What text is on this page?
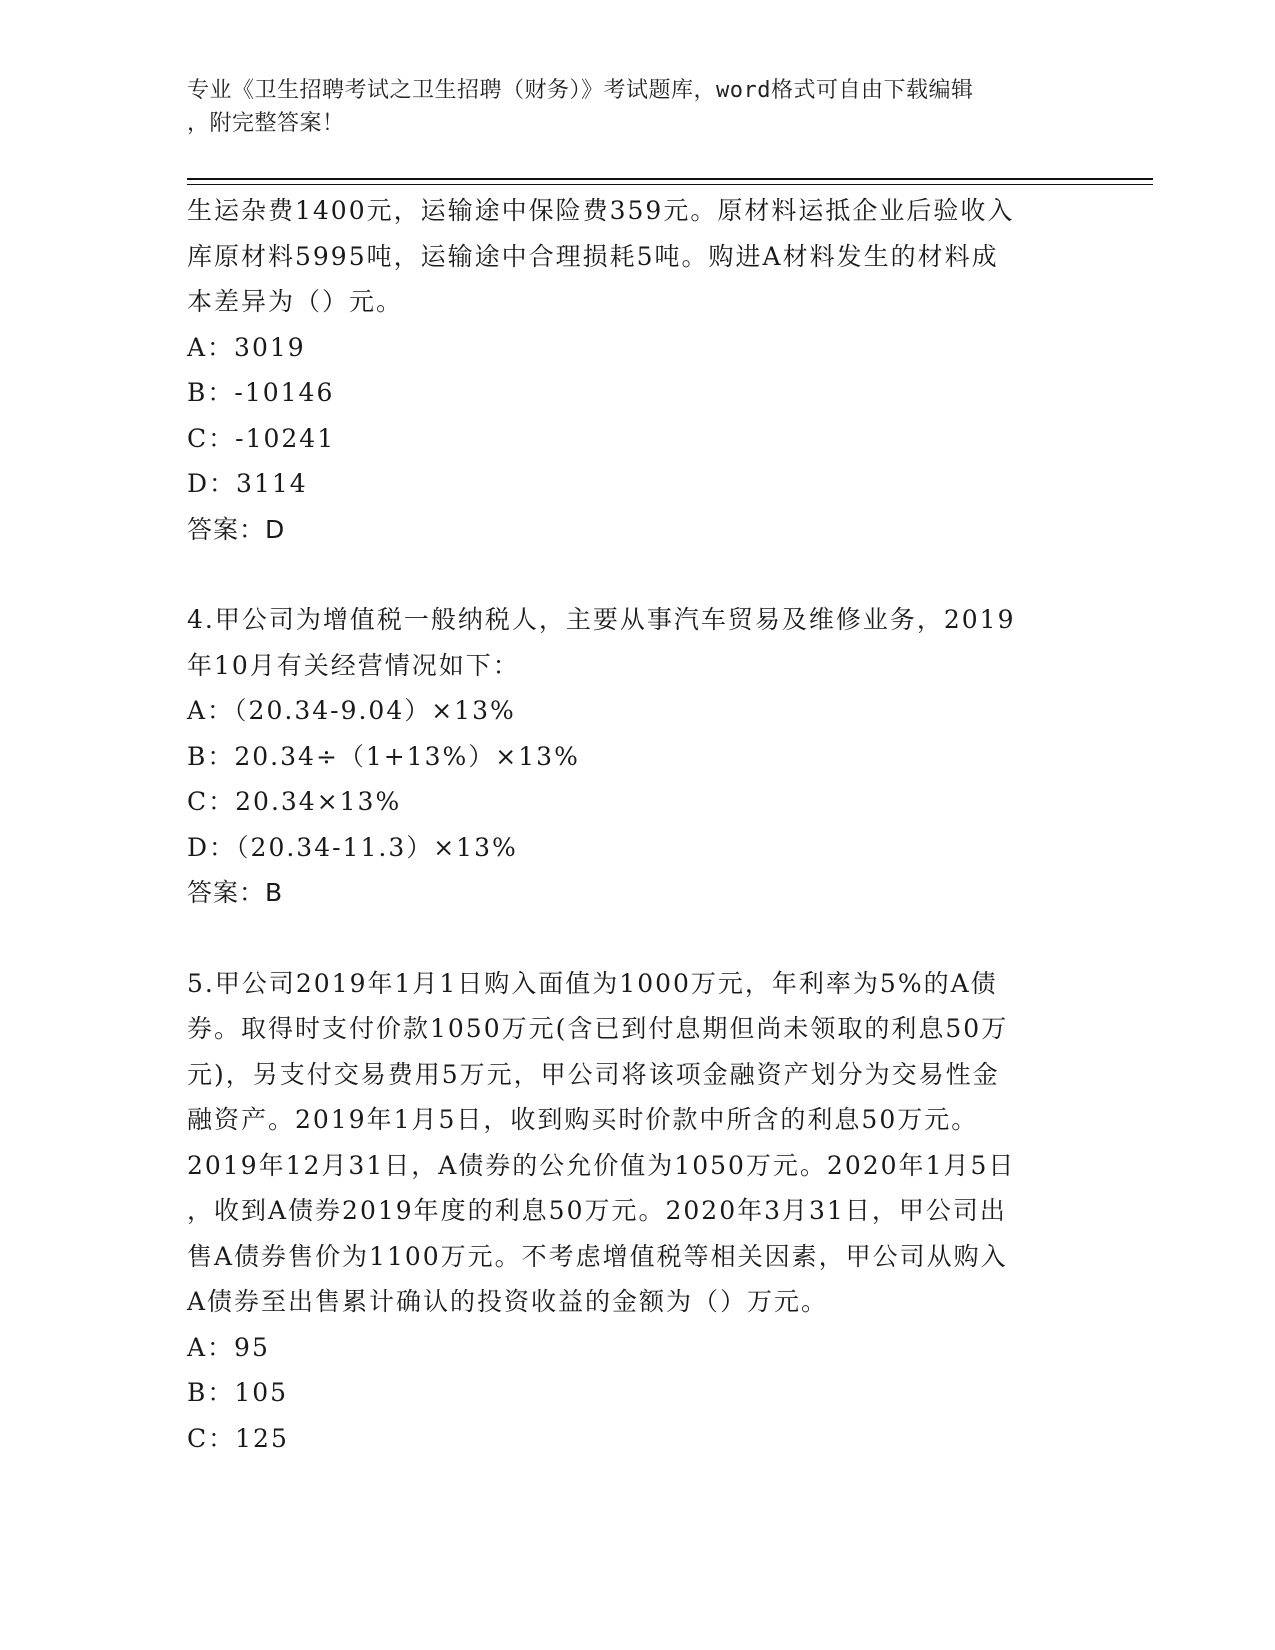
专业《卫生招聘考试之卫生招聘（财务）》考试题库，word格式可自由下载编辑
，附完整答案！
生运杂费1400元，运输途中保险费359元。原材料运抵企业后验收入
库原材料5995吨，运输途中合理损耗5吨。购进A材料发生的材料成
本差异为（）元。
A：3019
B：-10146
C：-10241
D：3114
答案：D
4.甲公司为增值税一般纳税人，主要从事汽车贸易及维修业务，2019
年10月有关经营情况如下：
A：（20.34-9.04）×13%
B：20.34÷（1+13%）×13%
C：20.34×13%
D：（20.34-11.3）×13%
答案：B
5.甲公司2019年1月1日购入面值为1000万元，年利率为5%的A债
券。取得时支付价款1050万元(含已到付息期但尚未领取的利息50万
元)，另支付交易费用5万元，甲公司将该项金融资产划分为交易性金
融资产。2019年1月5日，收到购买时价款中所含的利息50万元。
2019年12月31日，A债券的公允价值为1050万元。2020年1月5日
，收到A债券2019年度的利息50万元。2020年3月31日，甲公司出
售A债券售价为1100万元。不考虑增值税等相关因素，甲公司从购入
A债券至出售累计确认的投资收益的金额为（）万元。
A：95
B：105
C：125
